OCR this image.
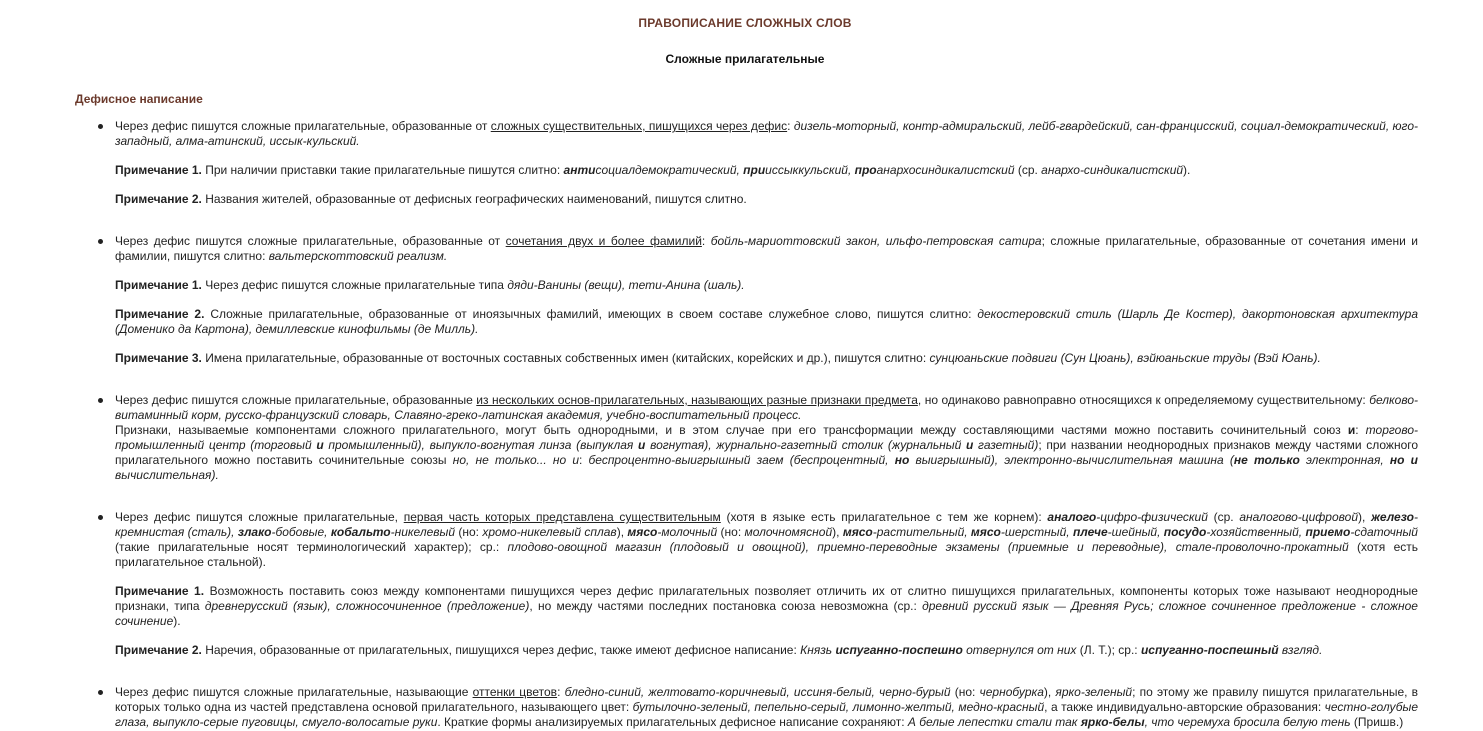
ПРАВОПИСАНИЕ СЛОЖНЫХ СЛОВ
Сложные прилагательные
Дефисное написание

Через дефис пишутся сложные прилагательные, образованные от сложных существительных, пишущихся через дефис: дизель-моторный, контр-адмиральский, лейб-гвардейский, сан-францисский, социал-демократический, юго-западный, алма-атинский, иссык-кульский.

Примечание 1. При наличии приставки такие прилагательные пишутся слитно: антисоциалдемократический, прииссыккульский, проанархосиндикалистский (ср. анархо-синдикалистский).

Примечание 2. Названия жителей, образованные от дефисных географических наименований, пишутся слитно.

Через дефис пишутся сложные прилагательные, образованные от сочетания двух и более фамилий: бойль-мариоттовский закон, ильфо-петровская сатира; сложные прилагательные, образованные от сочетания имени и фамилии, пишутся слитно: вальтерскоттовский реализм.

Примечание 1. Через дефис пишутся сложные прилагательные типа дяди-Ванины (вещи), тети-Анина (шаль).

Примечание 2. Сложные прилагательные, образованные от иноязычных фамилий, имеющих в своем составе служебное слово, пишутся слитно: декостеровский стиль (Шарль Де Костер), дакортоновская архитектура (Доменико да Картона), демиллевские кинофильмы (де Милль).

Примечание 3. Имена прилагательные, образованные от восточных составных собственных имен (китайских, корейских и др.), пишутся слитно: сунцюаньские подвиги (Сун Цюань), вэйюаньские труды (Вэй Юань).

Через дефис пишутся сложные прилагательные, образованные из нескольких основ-прилагательных, называющих разные признаки предмета, но одинаково равноправно относящихся к определяемому существительному: белково-витаминный корм, русско-французский словарь, Славяно-греко-латинская академия, учебно-воспитательный процесс.

Признаки, называемые компонентами сложного прилагательного, могут быть однородными, и в этом случае при его трансформации между составляющими частями можно поставить сочинительный союз и: торгово-промышленный центр (торговый и промышленный), выпукло-вогнутая линза (выпуклая и вогнутая), журнально-газетный столик (журнальный и газетный); при названии неоднородных признаков между частями сложного прилагательного можно поставить сочинительные союзы но, не только... но и: беспроцентно-выигрышный заем (беспроцентный, но выигрышный), электронно-вычислительная машина (не только электронная, но и вычислительная).

Через дефис пишутся сложные прилагательные, первая часть которых представлена существительным (хотя в языке есть прилагательное с тем же корнем): аналого-цифро-физический (ср. аналогово-цифровой), железо-кремнистая (сталь), злако-бобовые, кобальто-никелевый (но: хромо-никелевый сплав), мясо-молочный (но: молочномясной), мясо-растительный, мясо-шерстный, плече-шейный, посудо-хозяйственный, приемо-сдаточный (такие прилагательные носят терминологический характер); ср.: плодово-овощной магазин (плодовый и овощной), приемно-переводные экзамены (приемные и переводные), стале-проволочно-прокатный (хотя есть прилагательное стальной).

Примечание 1. Возможность поставить союз между компонентами пишущихся через дефис прилагательных позволяет отличить их от слитно пишущихся прилагательных, компоненты которых тоже называют неоднородные признаки, типа древнерусский (язык), сложносочиненное (предложение), но между частями последних постановка союза невозможна (ср.: древний русский язык — Древняя Русь; сложное сочиненное предложение - сложное сочинение).

Примечание 2. Наречия, образованные от прилагательных, пишущихся через дефис, также имеют дефисное написание: Князь испуганно-поспешно отвернулся от них (Л. Т.); ср.: испуганно-поспешный взгляд.

Через дефис пишутся сложные прилагательные, называющие оттенки цветов: бледно-синий, желтовато-коричневый, иссиня-белый, черно-бурый (но: чернобурка), ярко-зеленый; по этому же правилу пишутся прилагательные, в которых только одна из частей представлена основой прилагательного, называющего цвет: бутылочно-зеленый, пепельно-серый, лимонно-желтый, медно-красный, а также индивидуально-авторские образования: честно-голубые глаза, выпукло-серые пуговицы, смугло-волосатые руки. Краткие формы анализируемых прилагательных дефисное написание сохраняют: А белые лепестки стали так ярко-белы, что черемуха бросила белую тень (Пришв.)
